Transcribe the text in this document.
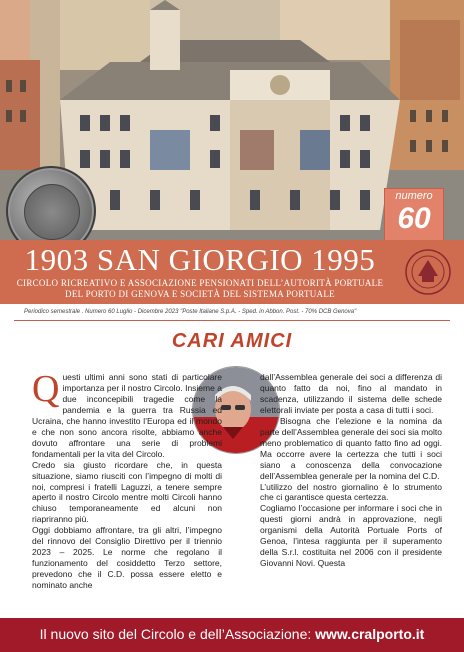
numero
60
1903 SAN GIORGIO 1995
CIRCOLO RICREATIVO E ASSOCIAZIONE PENSIONATI DELL’AUTORITÀ PORTUALE
DEL PORTO DI GENOVA E SOCIETÀ DEL SISTEMA PORTUALE
Periodico semestrale . Numero 60 Luglio - Dicembre 2023 "Poste Italiane S.p.A. - Sped. in Abbon. Post. - 70% DCB Genova"
CARI AMICI

Questi ultimi anni sono stati di particolare importanza per il nostro Circolo. Insieme a due inconcepibili tragedie come la pandemia e la guerra tra Russia ed Ucraina, che hanno investito l’Europa ed il mondo e che non sono ancora risolte, abbiamo anche dovuto affrontare una serie di problemi fondamentali per la vita del Circolo.

Credo sia giusto ricordare che, in questa situazione, siamo riusciti con l’impegno di molti di noi, compresi i fratelli Laguzzi, a tenere sempre aperto il nostro Circolo mentre molti Circoli hanno chiuso temporaneamente ed alcuni non riapriranno più.

Oggi dobbiamo affrontare, tra gli altri, l’impegno del rinnovo del Consiglio Direttivo per il triennio 2023 – 2025. Le norme che regolano il funzionamento del cosiddetto Terzo settore, prevedono che il C.D. possa essere eletto e nominato anche

dall’Assemblea generale dei soci a differenza di quanto fatto da noi, fino al mandato in scadenza, utilizzando il sistema delle schede elettorali inviate per posta a casa di tutti i soci.

Bisogna che l’elezione e la nomina da parte dell’Assemblea generale dei soci sia molto meno problematico di quanto fatto fino ad oggi. Ma occorre avere la certezza che tutti i soci siano a conoscenza della convocazione dell’Assemblea generale per la nomina del C.D.

L’utilizzo del nostro giornalino è lo strumento che ci garantisce questa certezza.

Cogliamo l’occasione per informare i soci che in questi giorni andrà in approvazione, negli organismi della Autorità Portuale Ports of Genoa, l’intesa raggiunta per il superamento della S.r.l. costituita nel 2006 con il presidente Giovanni Novi. Questa

Il nuovo sito del Circolo e dell’Associazione: www.cralporto.it
